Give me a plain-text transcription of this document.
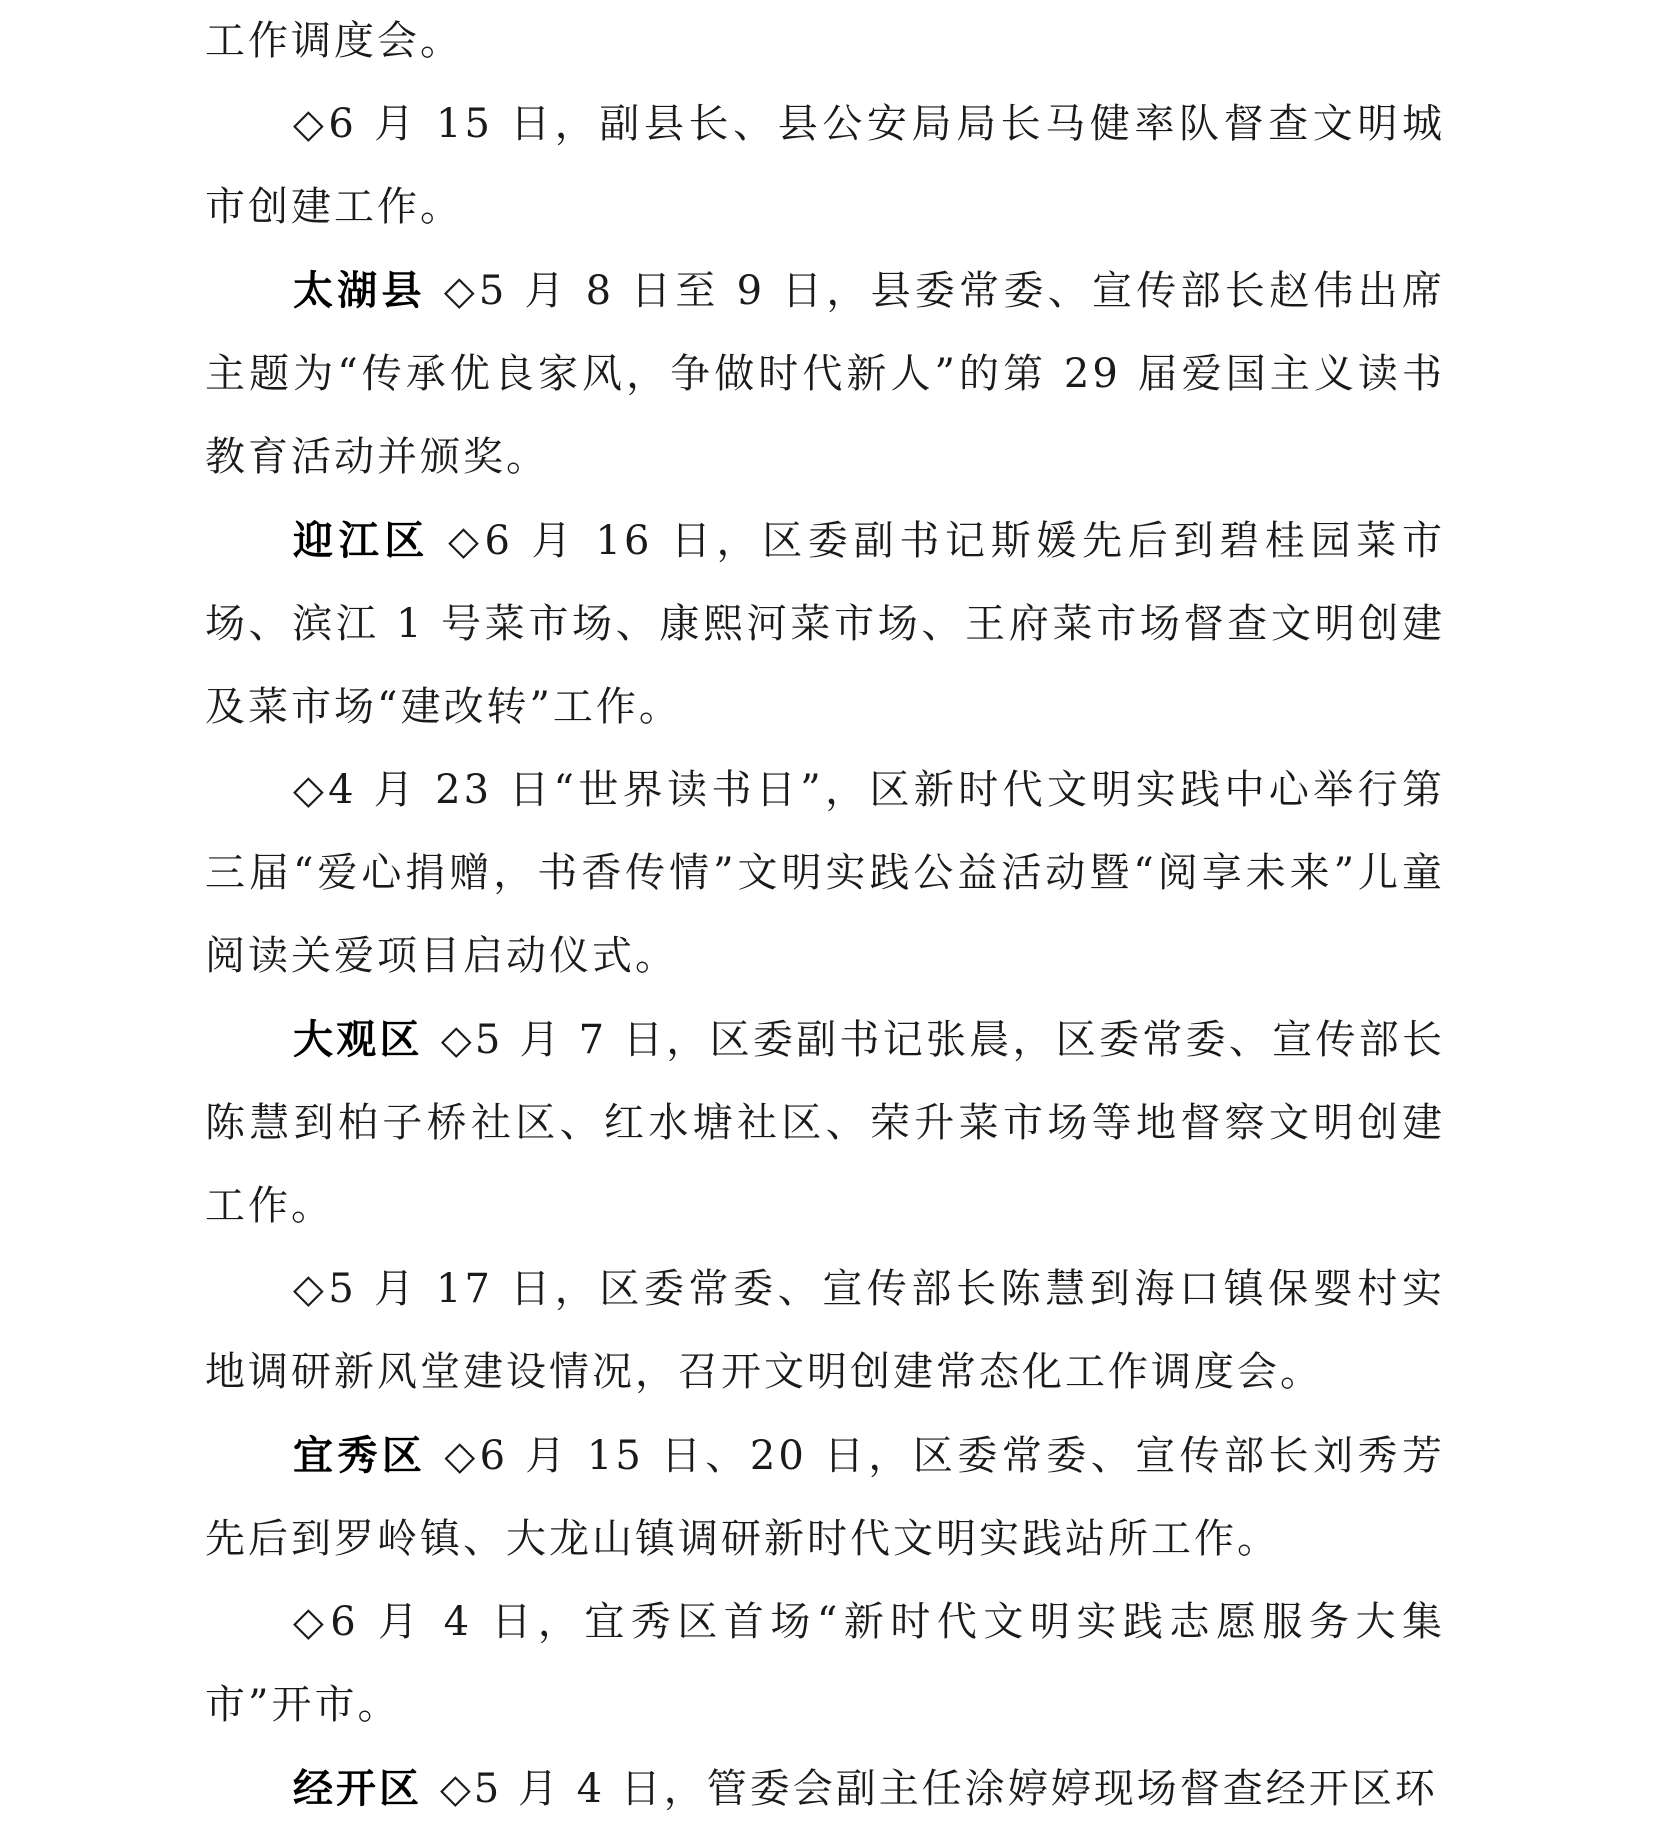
工作调度会。

◇6 月 15 日，副县长、县公安局局长马健率队督查文明城市创建工作。

太湖县 ◇5 月 8 日至 9 日，县委常委、宣传部长赵伟出席主题为“传承优良家风，争做时代新人”的第 29 届爱国主义读书教育活动并颁奖。

迎江区 ◇6 月 16 日，区委副书记斯媛先后到碧桂园菜市场、滨江 1 号菜市场、康熙河菜市场、王府菜市场督查文明创建及菜市场“建改转”工作。

◇4 月 23 日“世界读书日”，区新时代文明实践中心举行第三届“爱心捐赠，书香传情”文明实践公益活动暨“阅享未来”儿童阅读关爱项目启动仪式。

大观区 ◇5 月 7 日，区委副书记张晨，区委常委、宣传部长陈慧到柏子桥社区、红水塘社区、荣升菜市场等地督察文明创建工作。

◇5 月 17 日，区委常委、宣传部长陈慧到海口镇保婴村实地调研新风堂建设情况，召开文明创建常态化工作调度会。

宜秀区 ◇6 月 15 日、20 日，区委常委、宣传部长刘秀芳先后到罗岭镇、大龙山镇调研新时代文明实践站所工作。

◇6 月 4 日，宜秀区首场“新时代文明实践志愿服务大集市”开市。

经开区 ◇5 月 4 日，管委会副主任涂婷婷现场督查经开区环
